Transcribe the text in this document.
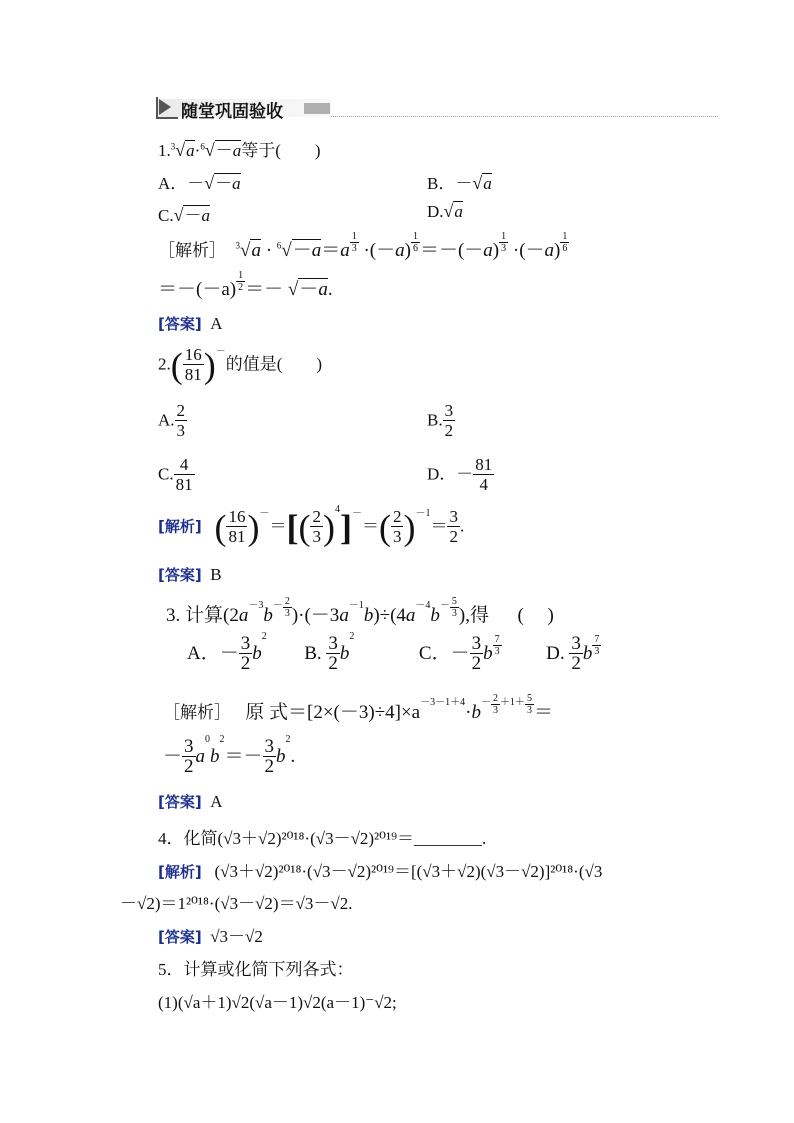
随堂巩固验收
1.$^3$√a·$^6$√－a等于(　　)
A．－√－a	B．－√a
C.√－a	D.√a
［解析］ $^3√a \cdot ^6√-a=a \frac{1}{3} \cdot(-a) \frac{1}{6} =-(-a) \frac{1}{3} \cdot(-a) \frac{1}{6}$
$=-(-a) \frac{1}{2} =- √-a$.
[答案] A
$2.( \frac{16}{81} )^-$的值是(　　)
A. $\frac{2}{3}$	B. $\frac{3}{2}$
C. $\frac{4}{81}$	D．－ $\frac{81}{4}$
[解析] ( $\frac{16}{81} )^-=[( \frac{2}{3} )^4]^-=( \frac{2}{3} )^{-1}= \frac{3}{2}$ .
[答案] B
3. 计算$(2a^{-3}b^- \frac{2}{3} )\cdot(-3a^{-1}b)\div(4a^{-4}b^- \frac{5}{3}$ ),得      (     )
A．－ $\frac{3}{2} b^2$  B. $\frac{3}{2} b^2$  C．－ $\frac{3}{2}$ b $\frac{7}{3} D$. $\frac{3}{2}$ b $\frac{7}{3}$
［解析］ 原 式$=[2\times(-3)\div 4]\times a^{-3-1+4}\cdot b^- \frac{2}{3} ^{+1+} \frac{5}{3}$ ＝
－ $\frac{3}{2} a^0b^2=- \frac{3}{2} b^2$.
[答案] A
4．化简(√3＋√2)²⁰¹⁸·(√3－√2)²⁰¹⁹＝________.
[解析] (√3＋√2)²⁰¹⁸·(√3－√2)²⁰¹⁹＝[(√3＋√2)(√3－√2)]²⁰¹⁸·(√3
－√2)＝1²⁰¹⁸·(√3－√2)＝√3－√2.
[答案] √3－√2
5．计算或化简下列各式：
(1)(√a＋1)√2(√a－1)√2(a－1)⁻√2;
